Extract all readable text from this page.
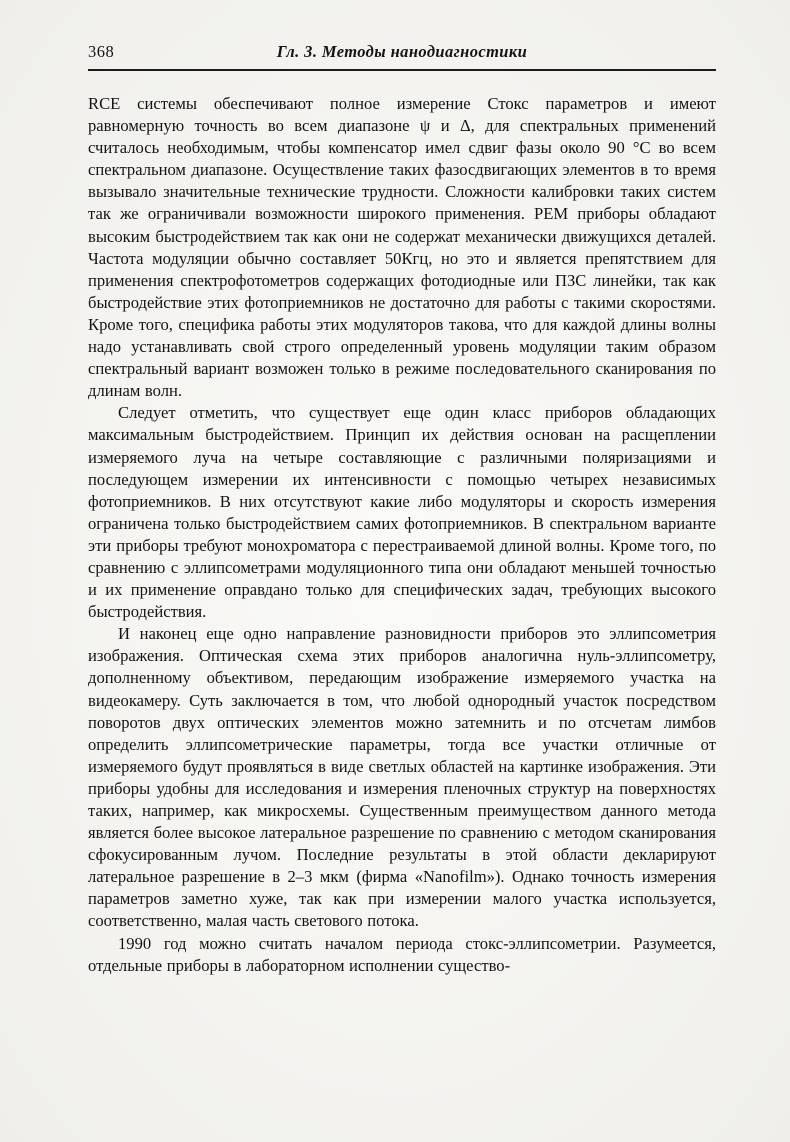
368	Гл. 3. Методы нанодиагностики

RCE системы обеспечивают полное измерение Стокс параметров и имеют равномерную точность во всем диапазоне ψ и Δ, для спектральных применений считалось необходимым, чтобы компенсатор имел сдвиг фазы около 90 °C во всем спектральном диапазоне. Осуществление таких фазосдвигающих элементов в то время вызывало значительные технические трудности. Сложности калибровки таких систем так же ограничивали возможности широкого применения. РЕМ приборы обладают высоким быстродействием так как они не содержат механически движущихся деталей. Частота модуляции обычно составляет 50Кгц, но это и является препятствием для применения спектрофотометров содержащих фотодиодные или ПЗС линейки, так как быстродействие этих фотоприемников не достаточно для работы с такими скоростями. Кроме того, специфика работы этих модуляторов такова, что для каждой длины волны надо устанавливать свой строго определенный уровень модуляции таким образом спектральный вариант возможен только в режиме последовательного сканирования по длинам волн.

Следует отметить, что существует еще один класс приборов обладающих максимальным быстродействием. Принцип их действия основан на расщеплении измеряемого луча на четыре составляющие с различными поляризациями и последующем измерении их интенсивности с помощью четырех независимых фотоприемников. В них отсутствуют какие либо модуляторы и скорость измерения ограничена только быстродействием самих фотоприемников. В спектральном варианте эти приборы требуют монохроматора с перестраиваемой длиной волны. Кроме того, по сравнению с эллипсометрами модуляционного типа они обладают меньшей точностью и их применение оправдано только для специфических задач, требующих высокого быстродействия.

И наконец еще одно направление разновидности приборов это эллипсометрия изображения. Оптическая схема этих приборов аналогична нуль-эллипсометру, дополненному объективом, передающим изображение измеряемого участка на видеокамеру. Суть заключается в том, что любой однородный участок посредством поворотов двух оптических элементов можно затемнить и по отсчетам лимбов определить эллипсометрические параметры, тогда все участки отличные от измеряемого будут проявляться в виде светлых областей на картинке изображения. Эти приборы удобны для исследования и измерения пленочных структур на поверхностях таких, например, как микросхемы. Существенным преимуществом данного метода является более высокое латеральное разрешение по сравнению с методом сканирования сфокусированным лучом. Последние результаты в этой области декларируют латеральное разрешение в 2–3 мкм (фирма «Nanofilm»). Однако точность измерения параметров заметно хуже, так как при измерении малого участка используется, соответственно, малая часть светового потока.

1990 год можно считать началом периода стокс-эллипсометрии. Разумеется, отдельные приборы в лабораторном исполнении существо-
